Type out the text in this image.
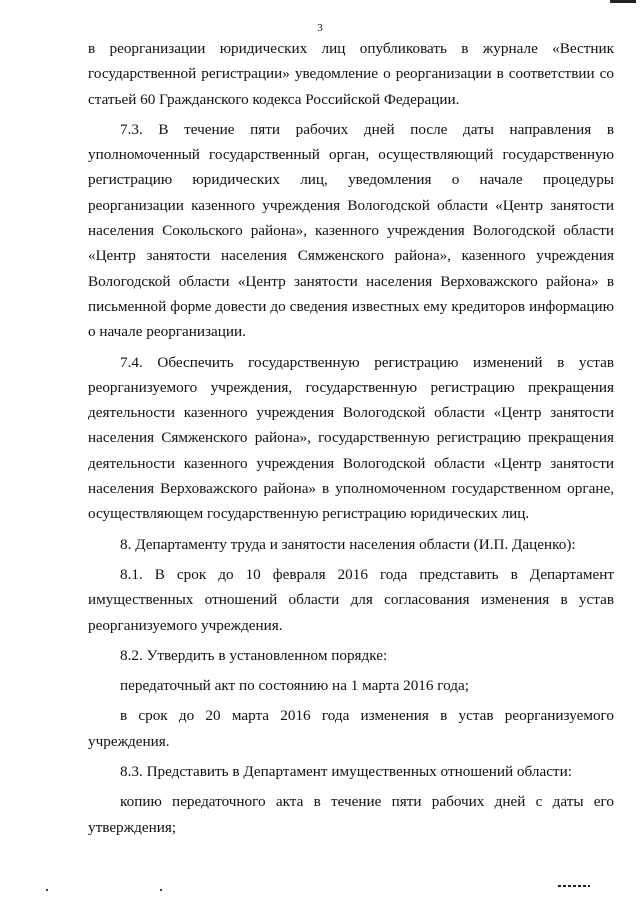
3

в реорганизации юридических лиц опубликовать в журнале «Вестник государственной регистрации» уведомление о реорганизации в соответствии со статьей 60 Гражданского кодекса Российской Федерации.

7.3. В течение пяти рабочих дней после даты направления в уполномоченный государственный орган, осуществляющий государственную регистрацию юридических лиц, уведомления о начале процедуры реорганизации казенного учреждения Вологодской области «Центр занятости населения Сокольского района», казенного учреждения Вологодской области «Центр занятости населения Сямженского района», казенного учреждения Вологодской области «Центр занятости населения Верховажского района» в письменной форме довести до сведения известных ему кредиторов информацию о начале реорганизации.

7.4. Обеспечить государственную регистрацию изменений в устав реорганизуемого учреждения, государственную регистрацию прекращения деятельности казенного учреждения Вологодской области «Центр занятости населения Сямженского района», государственную регистрацию прекращения деятельности казенного учреждения Вологодской области «Центр занятости населения Верховажского района» в уполномоченном государственном органе, осуществляющем государственную регистрацию юридических лиц.

8. Департаменту труда и занятости населения области (И.П. Даценко):

8.1. В срок до 10 февраля 2016 года представить в Департамент имущественных отношений области для согласования изменения в устав реорганизуемого учреждения.

8.2. Утвердить в установленном порядке:

передаточный акт по состоянию на 1 марта 2016 года;

в срок до 20 марта 2016 года изменения в устав реорганизуемого учреждения.

8.3. Представить в Департамент имущественных отношений области:

копию передаточного акта в течение пяти рабочих дней с даты его утверждения;
